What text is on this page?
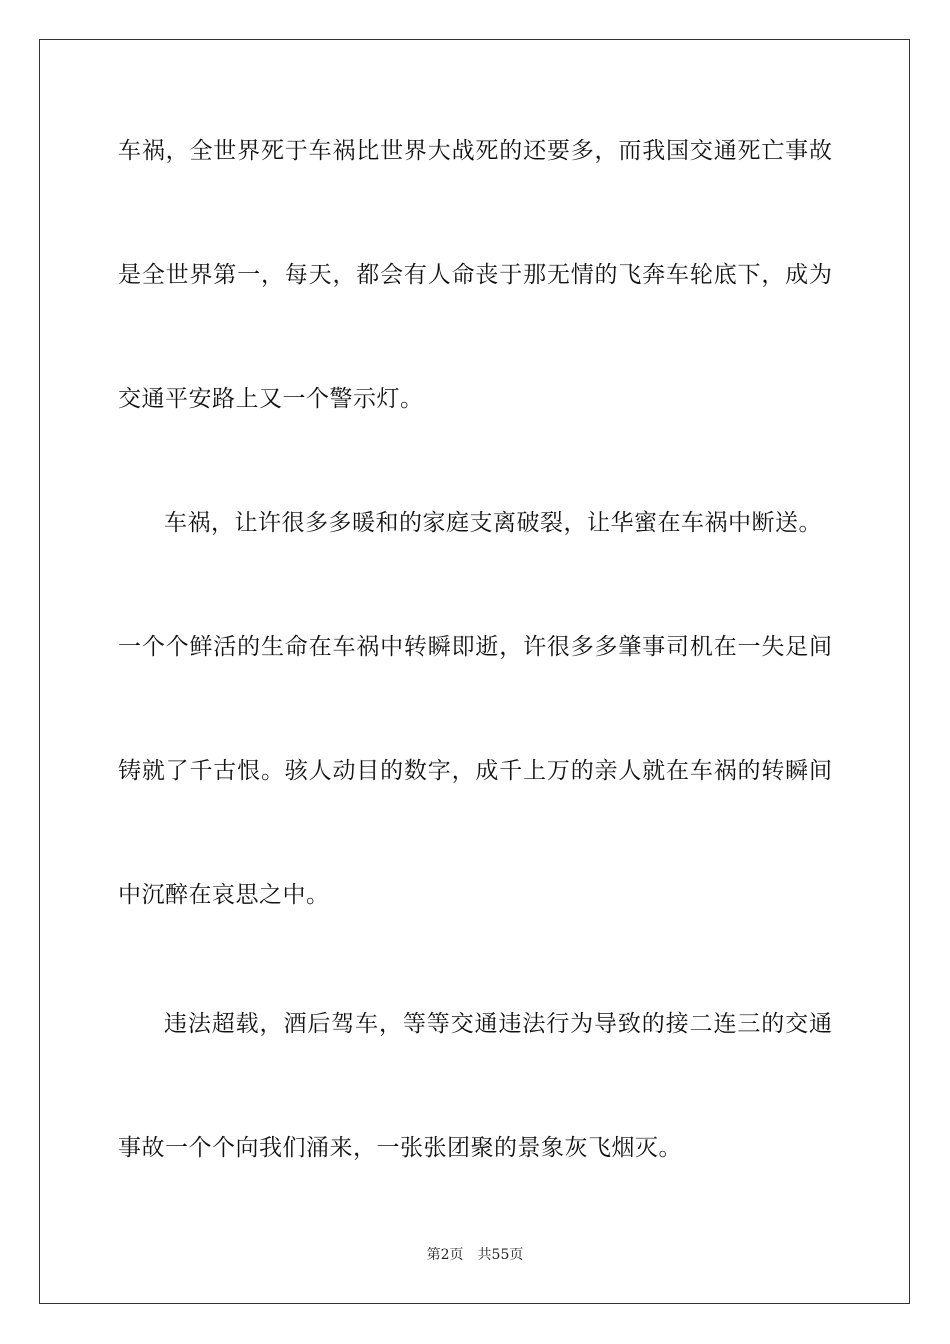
车祸，全世界死于车祸比世界大战死的还要多，而我国交通死亡事故
是全世界第一，每天，都会有人命丧于那无情的飞奔车轮底下，成为
交通平安路上又一个警示灯。
车祸，让许很多多暖和的家庭支离破裂，让华蜜在车祸中断送。
一个个鲜活的生命在车祸中转瞬即逝，许很多多肇事司机在一失足间
铸就了千古恨。骇人动目的数字，成千上万的亲人就在车祸的转瞬间
中沉醉在哀思之中。
违法超载，酒后驾车，等等交通违法行为导致的接二连三的交通
事故一个个向我们涌来，一张张团聚的景象灰飞烟灭。
第2页 共55页
